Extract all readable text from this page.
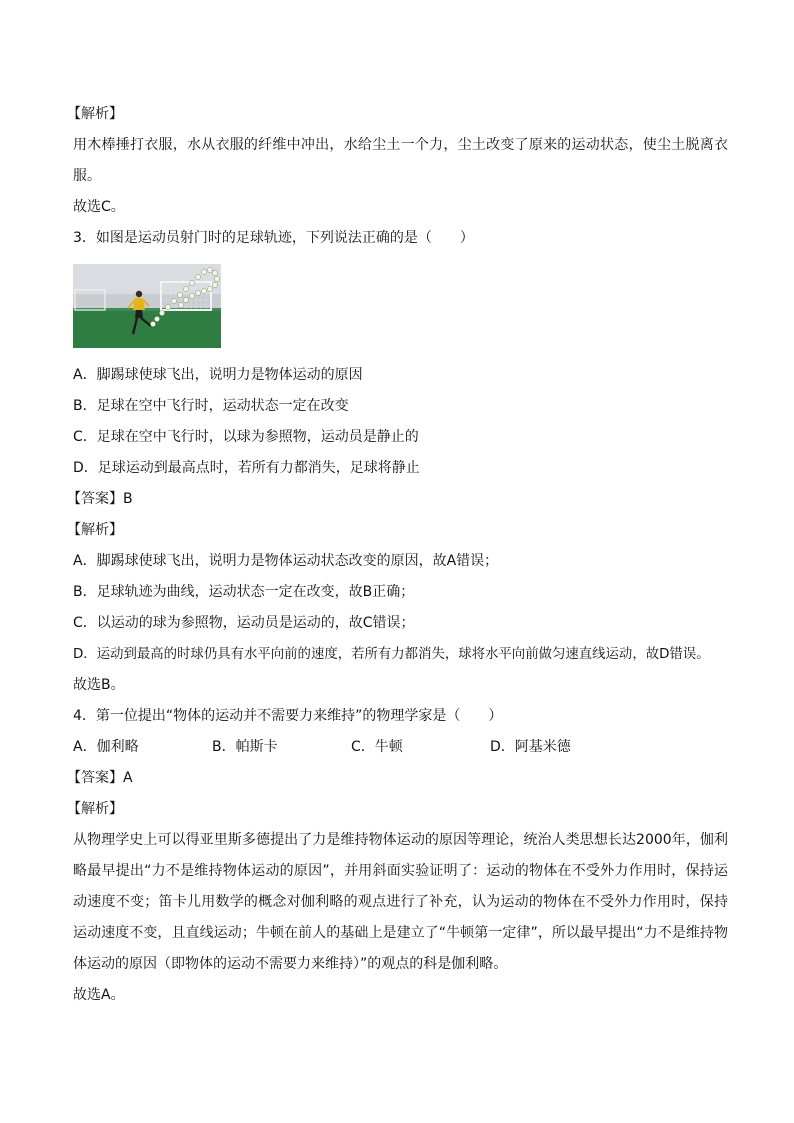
【解析】
用木棒捶打衣服，水从衣服的纤维中冲出，水给尘土一个力，尘土改变了原来的运动状态，使尘土脱离衣服。
故选C。
3．如图是运动员射门时的足球轨迹，下列说法正确的是（　　）
A．脚踢球使球飞出，说明力是物体运动的原因
B．足球在空中飞行时，运动状态一定在改变
C．足球在空中飞行时，以球为参照物，运动员是静止的
D．足球运动到最高点时，若所有力都消失，足球将静止
【答案】B
【解析】
A．脚踢球使球飞出，说明力是物体运动状态改变的原因，故A错误；
B．足球轨迹为曲线，运动状态一定在改变，故B正确；
C．以运动的球为参照物，运动员是运动的，故C错误；
D．运动到最高的时球仍具有水平向前的速度，若所有力都消失，球将水平向前做匀速直线运动，故D错误。
故选B。
4．第一位提出“物体的运动并不需要力来维持”的物理学家是（　　）
A．伽利略	B．帕斯卡	C．牛顿	D．阿基米德
【答案】A
【解析】
从物理学史上可以得亚里斯多德提出了力是维持物体运动的原因等理论，统治人类思想长达2000年，伽利略最早提出“力不是维持物体运动的原因”，并用斜面实验证明了：运动的物体在不受外力作用时，保持运动速度不变；笛卡儿用数学的概念对伽利略的观点进行了补充，认为运动的物体在不受外力作用时，保持运动速度不变，且直线运动；牛顿在前人的基础上是建立了“牛顿第一定律”，所以最早提出“力不是维持物体运动的原因（即物体的运动不需要力来维持）”的观点的科是伽利略。
故选A。
